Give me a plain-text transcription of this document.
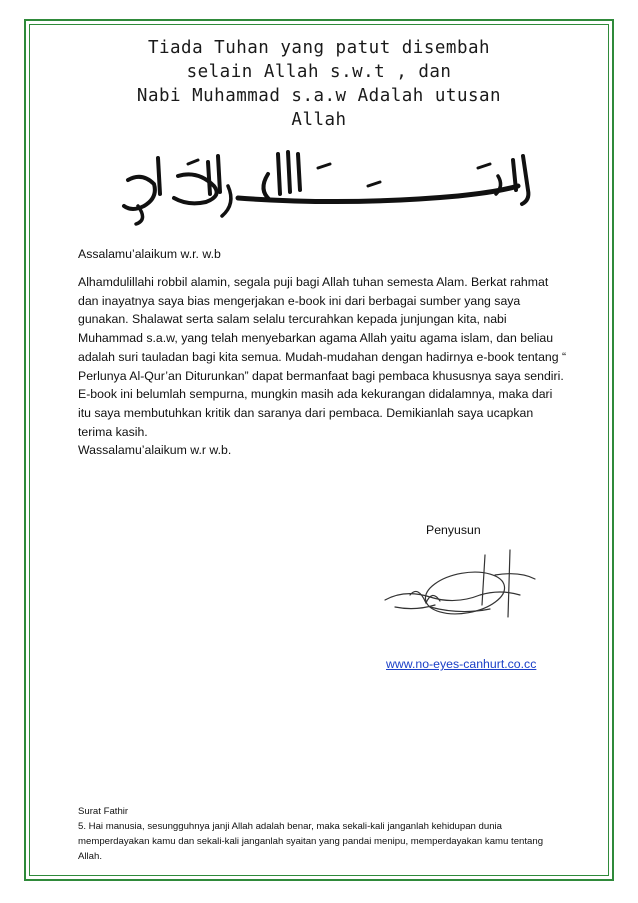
Tiada Tuhan yang patut disembah
selain Allah s.w.t , dan
Nabi Muhammad s.a.w Adalah utusan
Allah
Assalamu’alaikum w.r. w.b
Alhamdulillahi robbil alamin, segala puji bagi Allah tuhan semesta Alam. Berkat rahmat dan inayatnya saya bias mengerjakan e-book ini dari berbagai sumber yang saya gunakan. Shalawat serta salam selalu tercurahkan kepada junjungan kita, nabi Muhammad s.a.w, yang telah menyebarkan agama Allah yaitu agama islam, dan beliau adalah suri tauladan bagi kita semua. Mudah-mudahan dengan hadirnya e-book tentang “ Perlunya Al-Qur’an Diturunkan” dapat bermanfaat bagi pembaca khususnya saya sendiri. E-book ini belumlah sempurna, mungkin masih ada kekurangan didalamnya, maka dari itu saya membutuhkan kritik dan saranya dari pembaca. Demikianlah saya ucapkan terima kasih.
Wassalamu’alaikum w.r w.b.
Penyusun
www.no-eyes-canhurt.co.cc
Surat Fathir
5. Hai manusia, sesungguhnya janji Allah adalah benar, maka sekali-kali janganlah kehidupan dunia memperdayakan kamu dan sekali-kali janganlah syaitan yang pandai menipu, memperdayakan kamu tentang Allah.
